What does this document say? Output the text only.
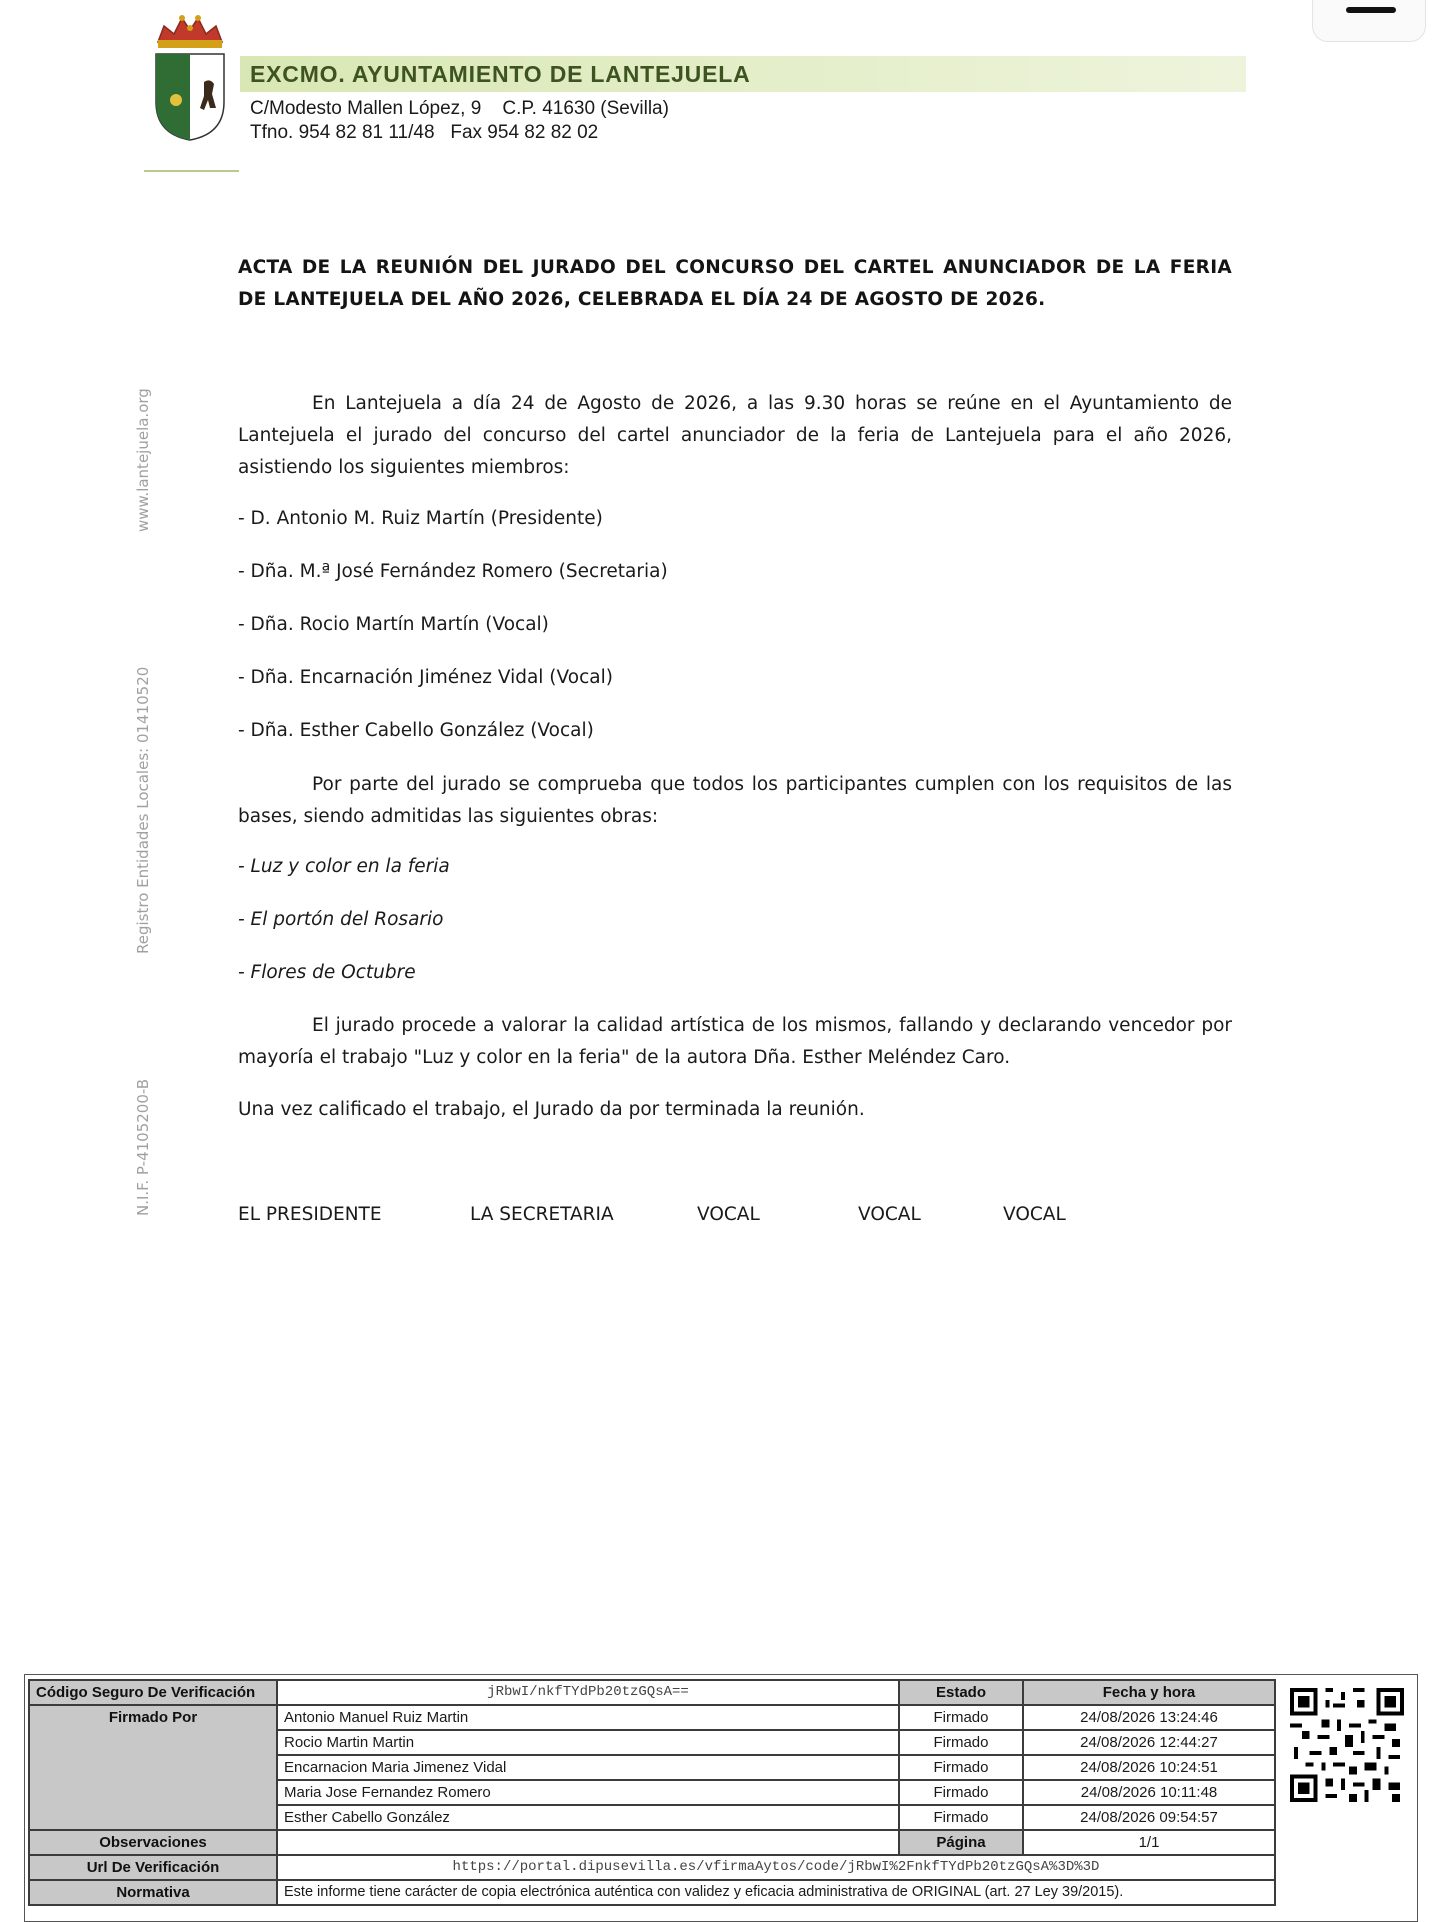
EXCMO. AYUNTAMIENTO DE LANTEJUELA
C/Modesto Mallen López, 9    C.P. 41630 (Sevilla)
Tfno. 954 82 81 11/48   Fax 954 82 82 02
www.lantejuela.org
Registro Entidades Locales: 01410520
N.I.F. P-4105200-B
ACTA DE LA REUNIÓN DEL JURADO DEL CONCURSO DEL CARTEL ANUNCIADOR DE LA FERIA DE LANTEJUELA DEL AÑO 2026, CELEBRADA EL DÍA 24 DE AGOSTO DE 2026.
En Lantejuela a día 24 de Agosto de 2026, a las 9.30 horas se reúne en el Ayuntamiento de Lantejuela el jurado del concurso del cartel anunciador de la feria de Lantejuela para el año 2026, asistiendo los siguientes miembros:
- D. Antonio M. Ruiz Martín (Presidente)
- Dña. M.ª José Fernández Romero (Secretaria)
- Dña. Rocio Martín Martín (Vocal)
- Dña. Encarnación Jiménez Vidal (Vocal)
- Dña. Esther Cabello González (Vocal)
Por parte del jurado se comprueba que todos los participantes cumplen con los requisitos de las bases, siendo admitidas las siguientes obras:
- Luz y color en la feria
- El portón del Rosario
- Flores de Octubre
El jurado procede a valorar la calidad artística de los mismos, fallando y declarando vencedor por mayoría el trabajo "Luz y color en la feria" de la autora Dña. Esther Meléndez Caro.
Una vez calificado el trabajo, el Jurado da por terminada la reunión.
EL PRESIDENTE	LA SECRETARIA	VOCAL	VOCAL	VOCAL
Código Seguro De Verificación	jRbwI/nkfTYdPb20tzGQsA==	Estado	Fecha y hora
Firmado Por	Antonio Manuel Ruiz Martin	Firmado	24/08/2026 13:24:46
	Rocio Martin Martin	Firmado	24/08/2026 12:44:27
	Encarnacion Maria Jimenez Vidal	Firmado	24/08/2026 10:24:51
	Maria Jose Fernandez Romero	Firmado	24/08/2026 10:11:48
	Esther Cabello González	Firmado	24/08/2026 09:54:57
Observaciones		Página	1/1
Url De Verificación	https://portal.dipusevilla.es/vfirmaAytos/code/jRbwI%2FnkfTYdPb20tzGQsA%3D%3D		
Normativa	Este informe tiene carácter de copia electrónica auténtica con validez y eficacia administrativa de ORIGINAL (art. 27 Ley 39/2015).		
